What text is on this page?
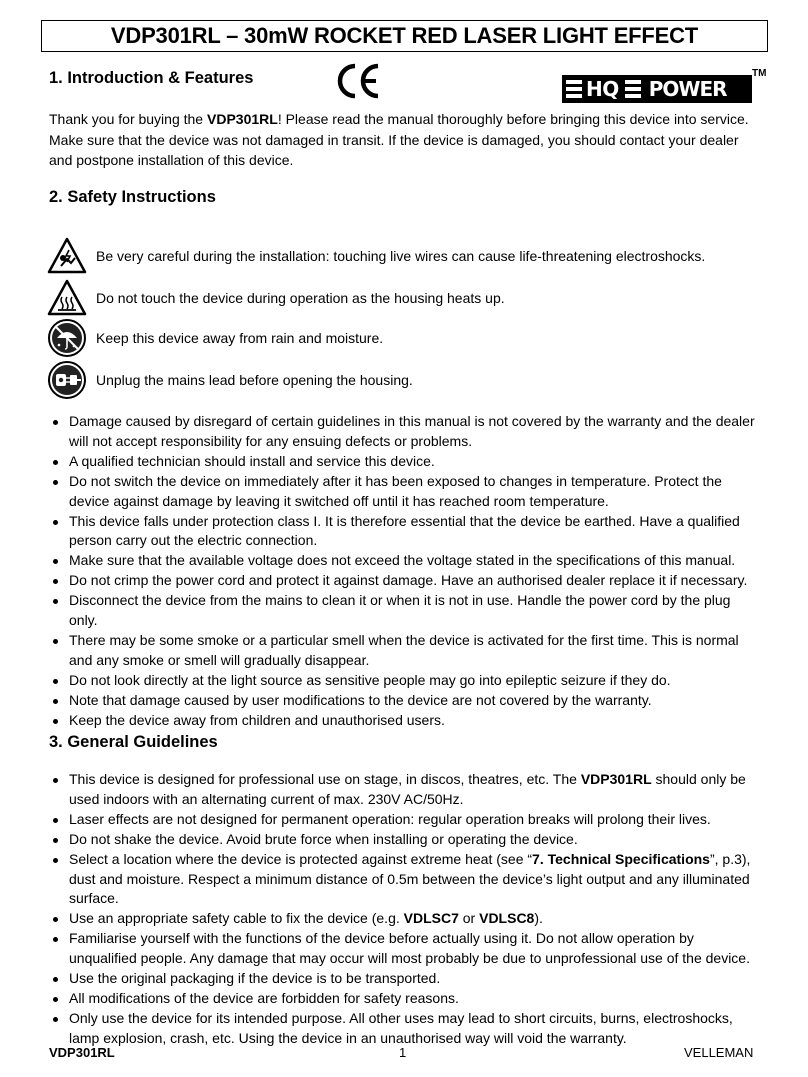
VDP301RL – 30mW ROCKET RED LASER LIGHT EFFECT
1. Introduction & Features	HQ POWER
TM

Thank you for buying the VDP301RL! Please read the manual thoroughly before bringing this device into service. Make sure that the device was not damaged in transit. If the device is damaged, you should contact your dealer and postpone installation of this device.

2. Safety Instructions
Be very careful during the installation: touching live wires can cause life-threatening electroshocks.
Do not touch the device during operation as the housing heats up.
Keep this device away from rain and moisture.
Unplug the mains lead before opening the housing.
Damage caused by disregard of certain guidelines in this manual is not covered by the warranty and the dealer will not accept responsibility for any ensuing defects or problems.
A qualified technician should install and service this device.
Do not switch the device on immediately after it has been exposed to changes in temperature. Protect the device against damage by leaving it switched off until it has reached room temperature.
This device falls under protection class I. It is therefore essential that the device be earthed. Have a qualified person carry out the electric connection.
Make sure that the available voltage does not exceed the voltage stated in the specifications of this manual.
Do not crimp the power cord and protect it against damage. Have an authorised dealer replace it if necessary.
Disconnect the device from the mains to clean it or when it is not in use. Handle the power cord by the plug only.
There may be some smoke or a particular smell when the device is activated for the first time. This is normal and any smoke or smell will gradually disappear.
Do not look directly at the light source as sensitive people may go into epileptic seizure if they do.
Note that damage caused by user modifications to the device are not covered by the warranty.
Keep the device away from children and unauthorised users.
3. General Guidelines
This device is designed for professional use on stage, in discos, theatres, etc. The VDP301RL should only be used indoors with an alternating current of max. 230V AC/50Hz.
Laser effects are not designed for permanent operation: regular operation breaks will prolong their lives.
Do not shake the device. Avoid brute force when installing or operating the device.
Select a location where the device is protected against extreme heat (see “7. Technical Specifications”, p.3), dust and moisture. Respect a minimum distance of 0.5m between the device’s light output and any illuminated surface.
Use an appropriate safety cable to fix the device (e.g. VDLSC7 or VDLSC8).
Familiarise yourself with the functions of the device before actually using it. Do not allow operation by unqualified people. Any damage that may occur will most probably be due to unprofessional use of the device.
Use the original packaging if the device is to be transported.
All modifications of the device are forbidden for safety reasons.
Only use the device for its intended purpose. All other uses may lead to short circuits, burns, electroshocks, lamp explosion, crash, etc. Using the device in an unauthorised way will void the warranty.
VDP301RL	1	VELLEMAN
